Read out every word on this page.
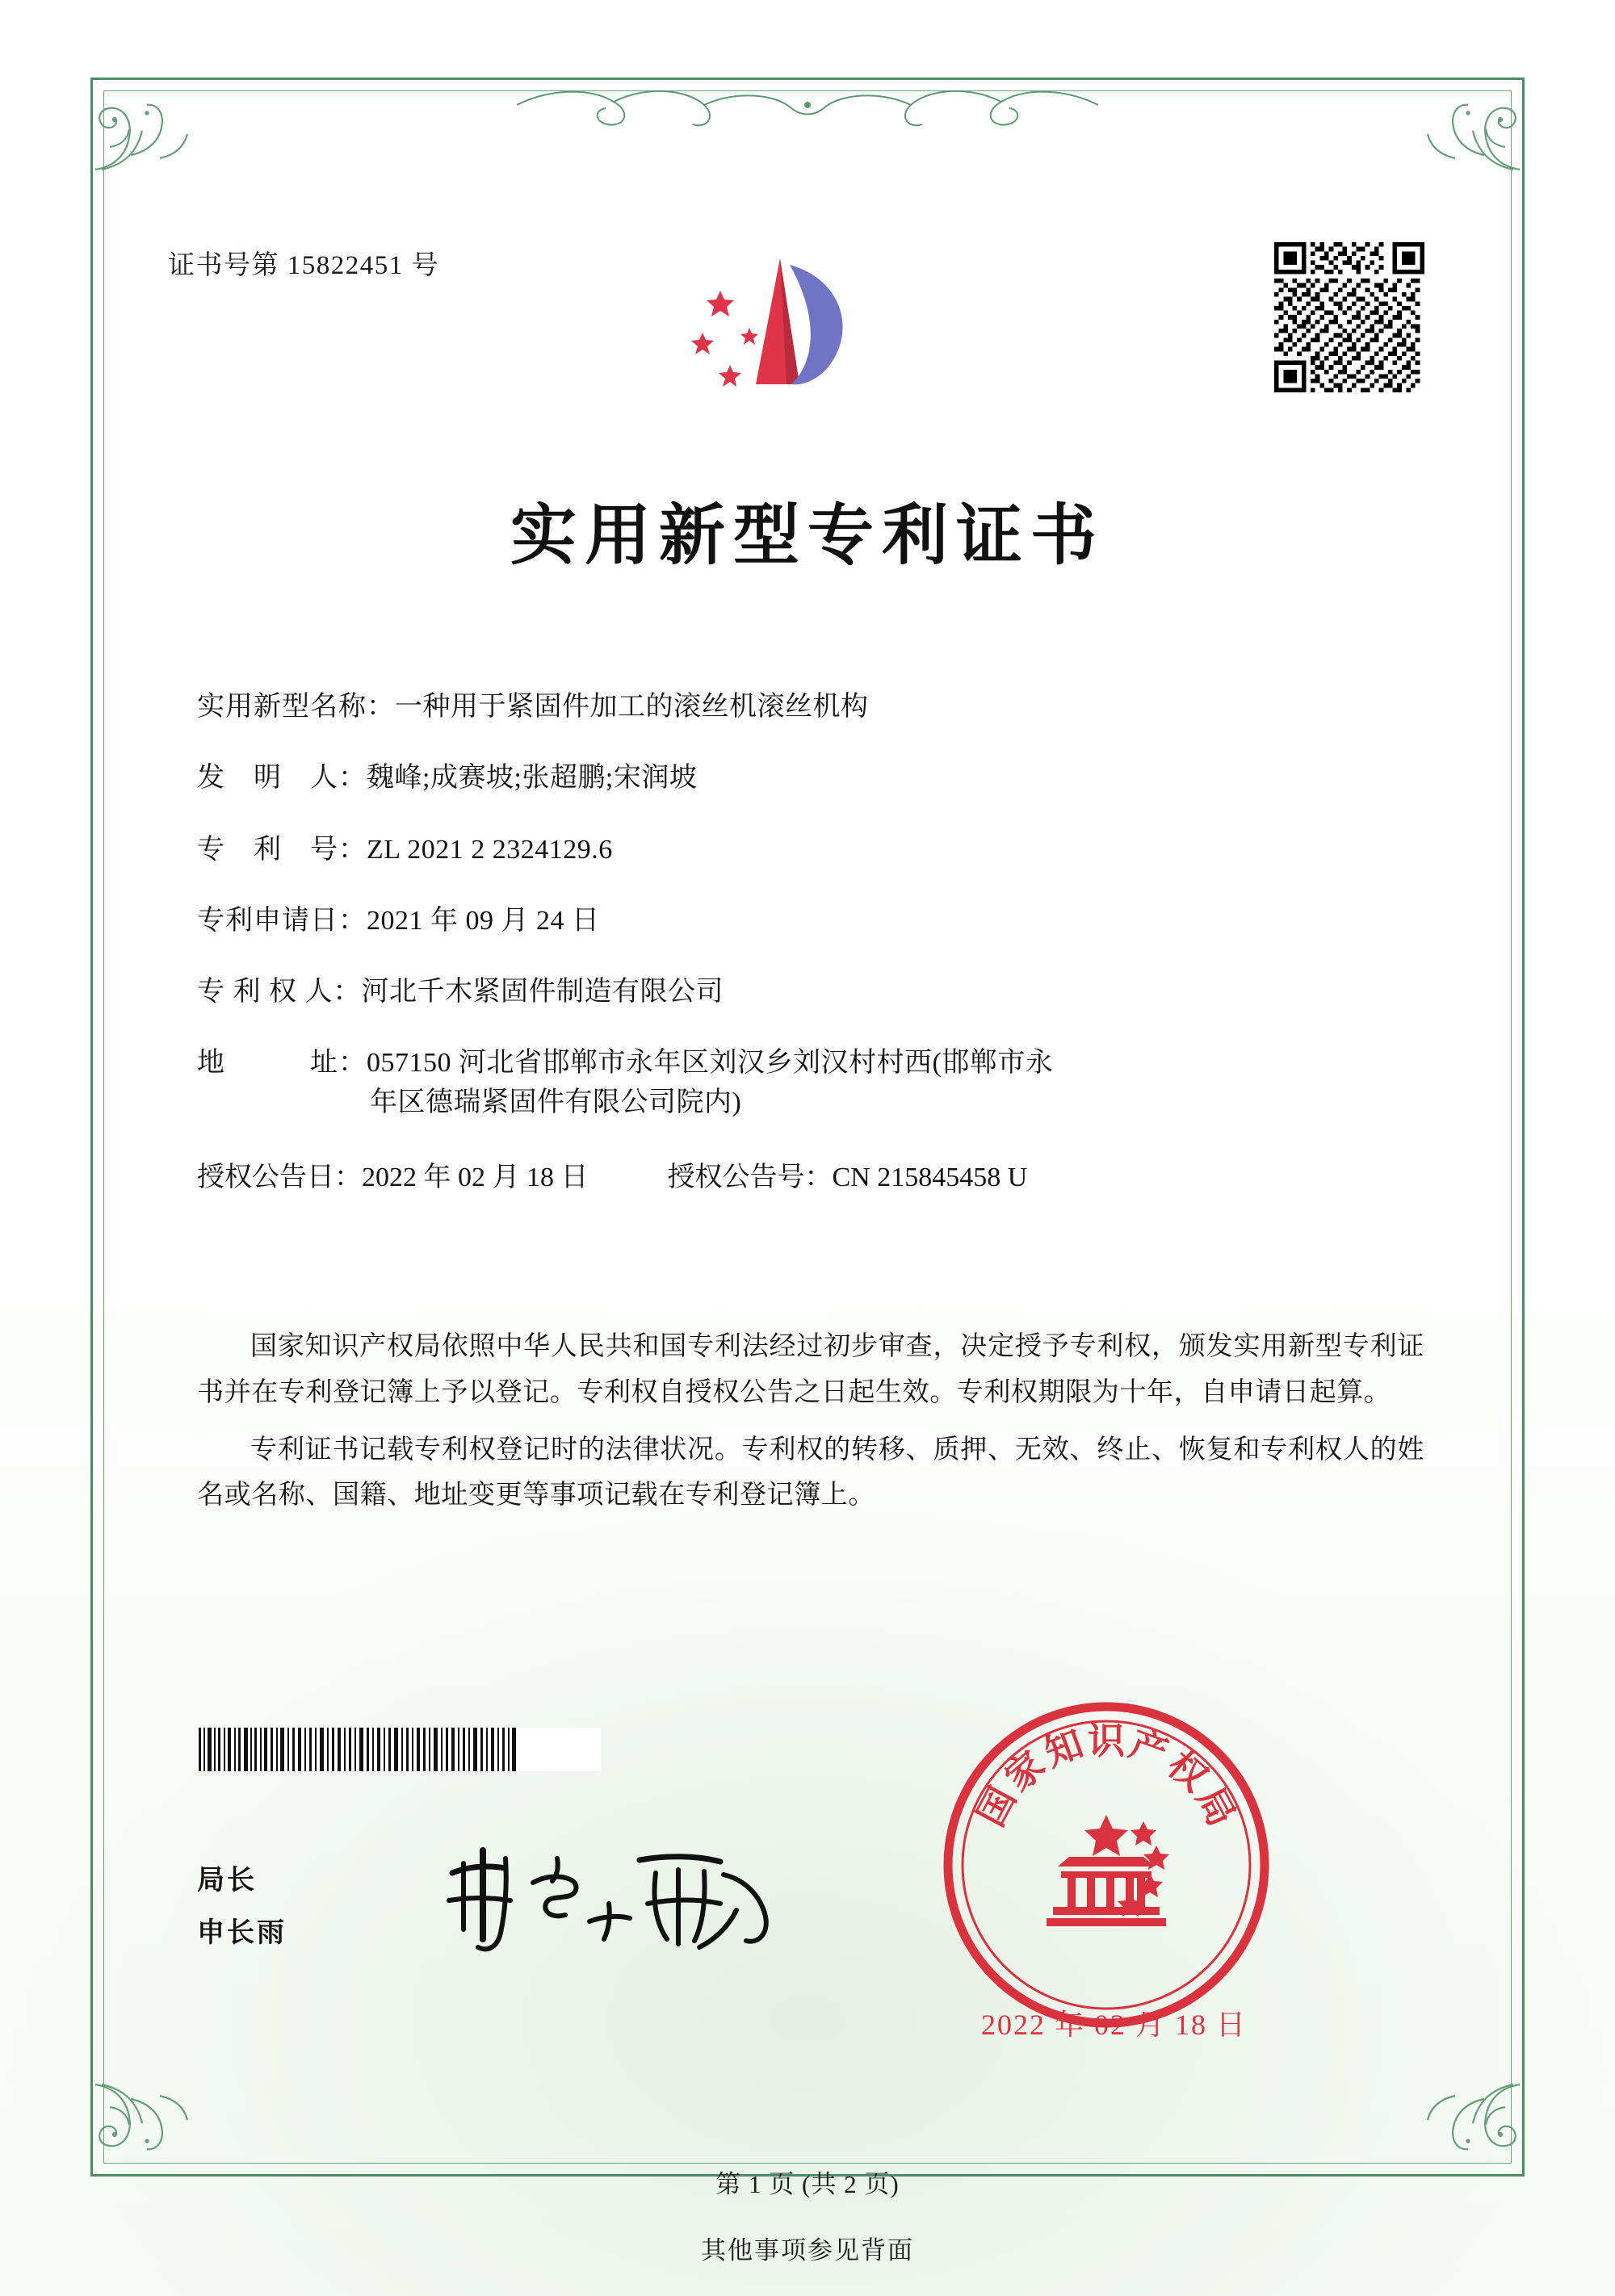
证书号第 15822451 号
实用新型专利证书
实用新型名称： 一种用于紧固件加工的滚丝机滚丝机构
发　明　人： 魏峰;成赛坡;张超鹏;宋润坡
专　利　号： ZL 2021 2 2324129.6
专利申请日： 2021 年 09 月 24 日
专 利 权 人： 河北千木紧固件制造有限公司
地　　　址： 057150 河北省邯郸市永年区刘汉乡刘汉村村西(邯郸市永
年区德瑞紧固件有限公司院内)
授权公告日： 2022 年 02 月 18 日	授权公告号： CN 215845458 U

国家知识产权局依照中华人民共和国专利法经过初步审查，决定授予专利权，颁发实用新型专利证书并在专利登记簿上予以登记。专利权自授权公告之日起生效。专利权期限为十年，自申请日起算。

专利证书记载专利权登记时的法律状况。专利权的转移、质押、无效、终止、恢复和专利权人的姓名或名称、国籍、地址变更等事项记载在专利登记簿上。

局长
申长雨
国
家
知
识
产
权
局
2022 年 02 月 18 日
第 1 页 (共 2 页)
其他事项参见背面
